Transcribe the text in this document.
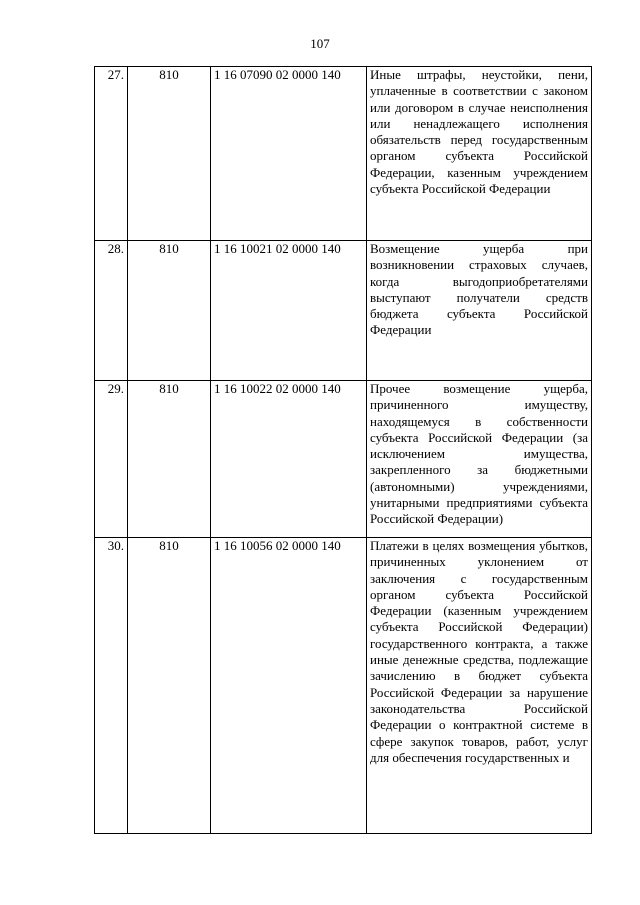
107
27.	810	1 16 07090 02 0000 140	Иные штрафы, неустойки, пени, уплаченные в соответствии с законом или договором в случае неисполнения или ненадлежащего исполнения обязательств перед государственным органом субъекта Российской Федерации, казенным учреждением субъекта Российской Федерации
28.	810	1 16 10021 02 0000 140	Возмещение ущерба при возникновении страховых случаев, когда выгодоприобретателями выступают получатели средств бюджета субъекта Российской Федерации
29.	810	1 16 10022 02 0000 140	Прочее возмещение ущерба, причиненного имуществу, находящемуся в собственности субъекта Российской Федерации (за исключением имущества, закрепленного за бюджетными (автономными) учреждениями, унитарными предприятиями субъекта Российской Федерации)
30.	810	1 16 10056 02 0000 140	Платежи в целях возмещения убытков, причиненных уклонением от заключения с государственным органом субъекта Российской Федерации (казенным учреждением субъекта Российской Федерации) государственного контракта, а также иные денежные средства, подлежащие зачислению в бюджет субъекта Российской Федерации за нарушение законодательства Российской Федерации о контрактной системе в сфере закупок товаров, работ, услуг для обеспечения государственных и
